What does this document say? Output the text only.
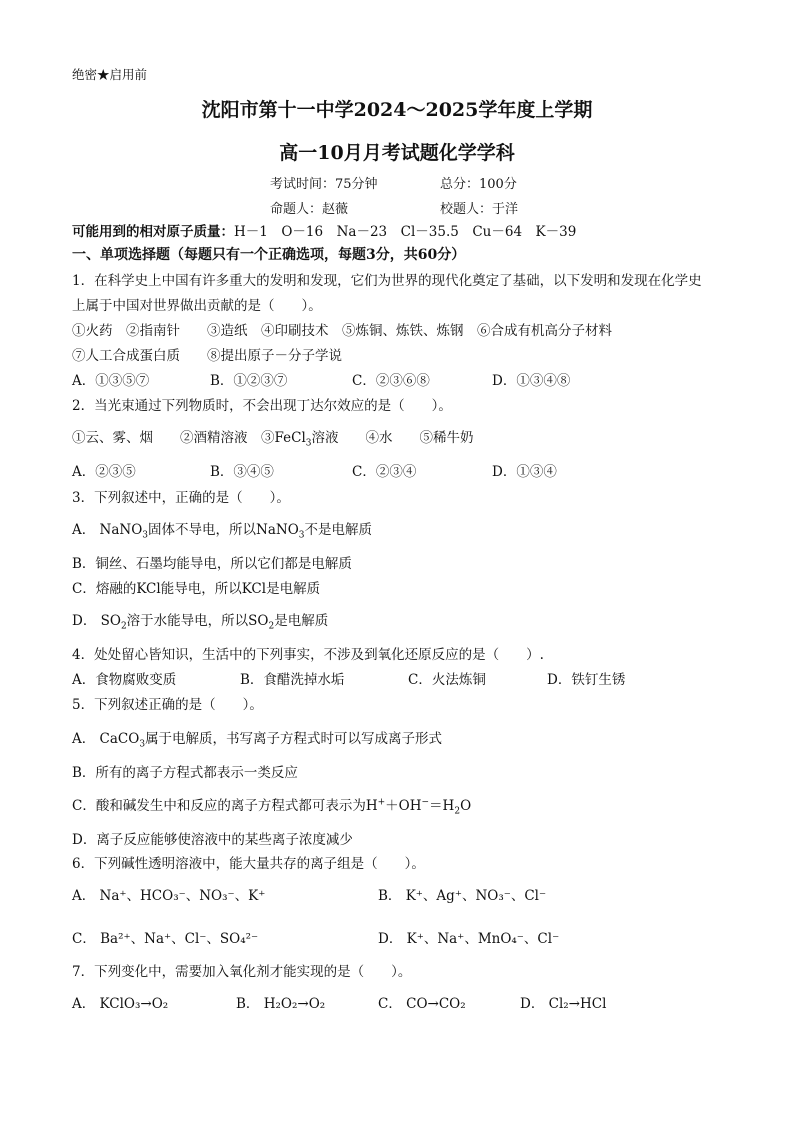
绝密★启用前
沈阳市第十一中学2024～2025学年度上学期
高一10月月考试题化学学科
考试时间：75分钟	总分：100分
命题人：赵薇	校题人：于洋
可能用到的相对原子质量：H－1　O－16　Na－23　Cl－35.5　Cu－64　K－39
一、单项选择题（每题只有一个正确选项，每题3分，共60分）
1．在科学史上中国有许多重大的发明和发现，它们为世界的现代化奠定了基础，以下发明和发现在化学史
上属于中国对世界做出贡献的是（　　）。
①火药　②指南针　　③造纸　④印刷技术　⑤炼铜、炼铁、炼钢　⑥合成有机高分子材料
⑦人工合成蛋白质　　⑧提出原子－分子学说
A．①③⑤⑦	B．①②③⑦	C．②③⑥⑧	D．①③④⑧
2．当光束通过下列物质时，不会出现丁达尔效应的是（　　）。
①云、雾、烟　　②酒精溶液　③FeCl$_3$溶液　　④水　　⑤稀牛奶
A．②③⑤	B．③④⑤	C．②③④	D．①③④
3．下列叙述中，正确的是（　　）。
A． NaNO$_3$固体不导电，所以NaNO$_3$不是电解质
B．铜丝、石墨均能导电，所以它们都是电解质
C．熔融的KCl能导电，所以KCl是电解质
D． $SO_2$溶于水能导电，所以$SO_2$是电解质
4．处处留心皆知识，生活中的下列事实，不涉及到氧化还原反应的是（　　）.
A．食物腐败变质	B．食醋洗掉水垢	C．火法炼铜	D．铁钉生锈
5．下列叙述正确的是（　　）。
A． CaCO$_3$属于电解质，书写离子方程式时可以写成离子形式
B．所有的离子方程式都表示一类反应
C．酸和碱发生中和反应的离子方程式都可表示为$H^++OH^-=H_2O$
D．离子反应能够使溶液中的某些离子浓度减少
6．下列碱性透明溶液中，能大量共存的离子组是（　　）。
A． Na⁺、HCO₃⁻、NO₃⁻、K⁺	B． K⁺、Ag⁺、NO₃⁻、Cl⁻
C． Ba²⁺、Na⁺、Cl⁻、SO₄²⁻	D． K⁺、Na⁺、MnO₄⁻、Cl⁻
7．下列变化中，需要加入氧化剂才能实现的是（　　）。
A． KClO₃→O₂	B． H₂O₂→O₂	C． CO→CO₂	D． Cl₂→HCl
